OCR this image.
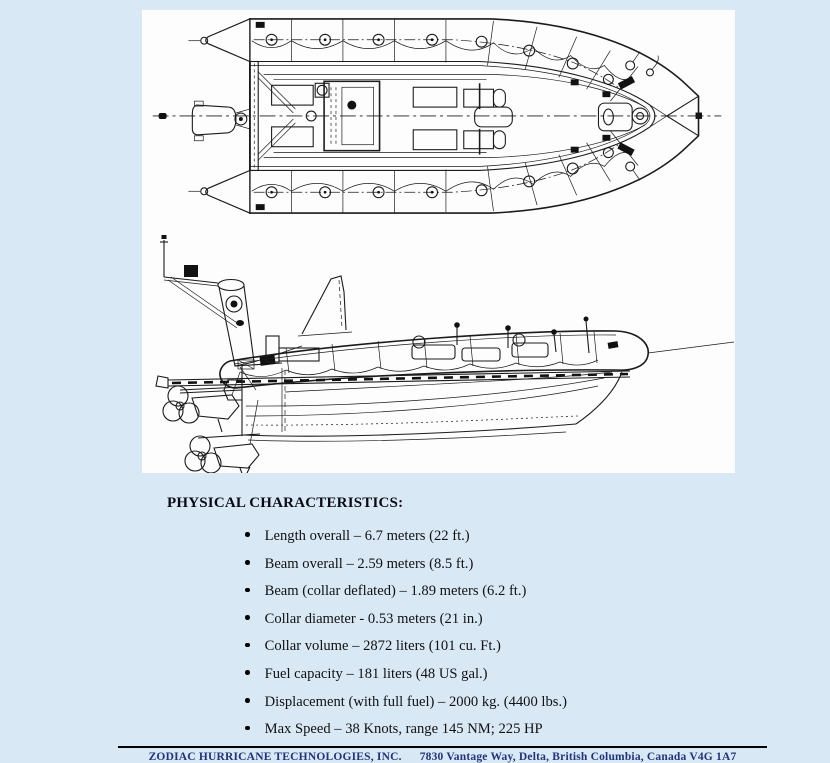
PHYSICAL CHARACTERISTICS:
Length overall – 6.7 meters (22 ft.)
Beam overall – 2.59 meters (8.5 ft.)
Beam (collar deflated) – 1.89 meters (6.2 ft.)
Collar diameter - 0.53 meters (21 in.)
Collar volume – 2872 liters (101 cu. Ft.)
Fuel capacity – 181 liters (48 US gal.)
Displacement (with full fuel) – 2000 kg. (4400 lbs.)
Max Speed – 38 Knots, range 145 NM; 225 HP
ZODIAC HURRICANE TECHNOLOGIES, INC. 7830 Vantage Way, Delta, British Columbia, Canada V4G 1A7
